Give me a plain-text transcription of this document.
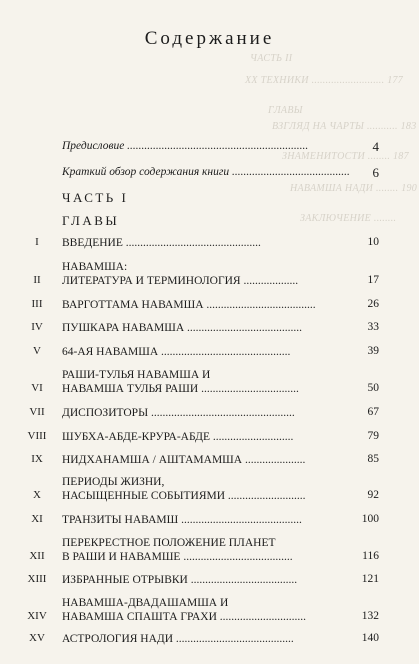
ЧАСТЬ II
XX ТЕХНИКИ .......................... 177
ГЛАВЫ
ВЗГЛЯД НА ЧАРТЫ ........... 183
ЗНАМЕНИТОСТИ ........ 187
НАВАМША НАДИ ........ 190
ЗАКЛЮЧЕНИЕ ........
Содержание
Предисловие ...............................................................	4
Краткий обзор содержания книги .........................................	6
ЧАСТЬ I
ГЛАВЫ
I	ВВЕДЕНИЕ ...............................................	10
II
НАВАМША:
ЛИТЕРАТУРА И ТЕРМИНОЛОГИЯ ...................	17
III	ВАРГОТТАМА НАВАМША ......................................	26
IV	ПУШКАРА НАВАМША ........................................	33
V	64-АЯ НАВАМША .............................................	39
VI
РАШИ-ТУЛЬЯ НАВАМША И
НАВАМША ТУЛЬЯ РАШИ ..................................	50
VII	ДИСПОЗИТОРЫ ..................................................	67
VIII	ШУБХА-АБДЕ-КРУРА-АБДЕ ............................	79
IX	НИДХАНАМША / АШТАМАМША .....................	85
X
ПЕРИОДЫ ЖИЗНИ,
НАСЫЩЕННЫЕ СОБЫТИЯМИ ...........................	92
XI	ТРАНЗИТЫ НАВАМШ ..........................................	100
XII
ПЕРЕКРЕСТНОЕ ПОЛОЖЕНИЕ ПЛАНЕТ
В РАШИ И НАВАМШЕ ......................................	116
XIII	ИЗБРАННЫЕ ОТРЫВКИ .....................................	121
XIV
НАВАМША-ДВАДАШАМША И
НАВАМША СПАШТА ГРАХИ ..............................	132
XV	АСТРОЛОГИЯ НАДИ .........................................	140
